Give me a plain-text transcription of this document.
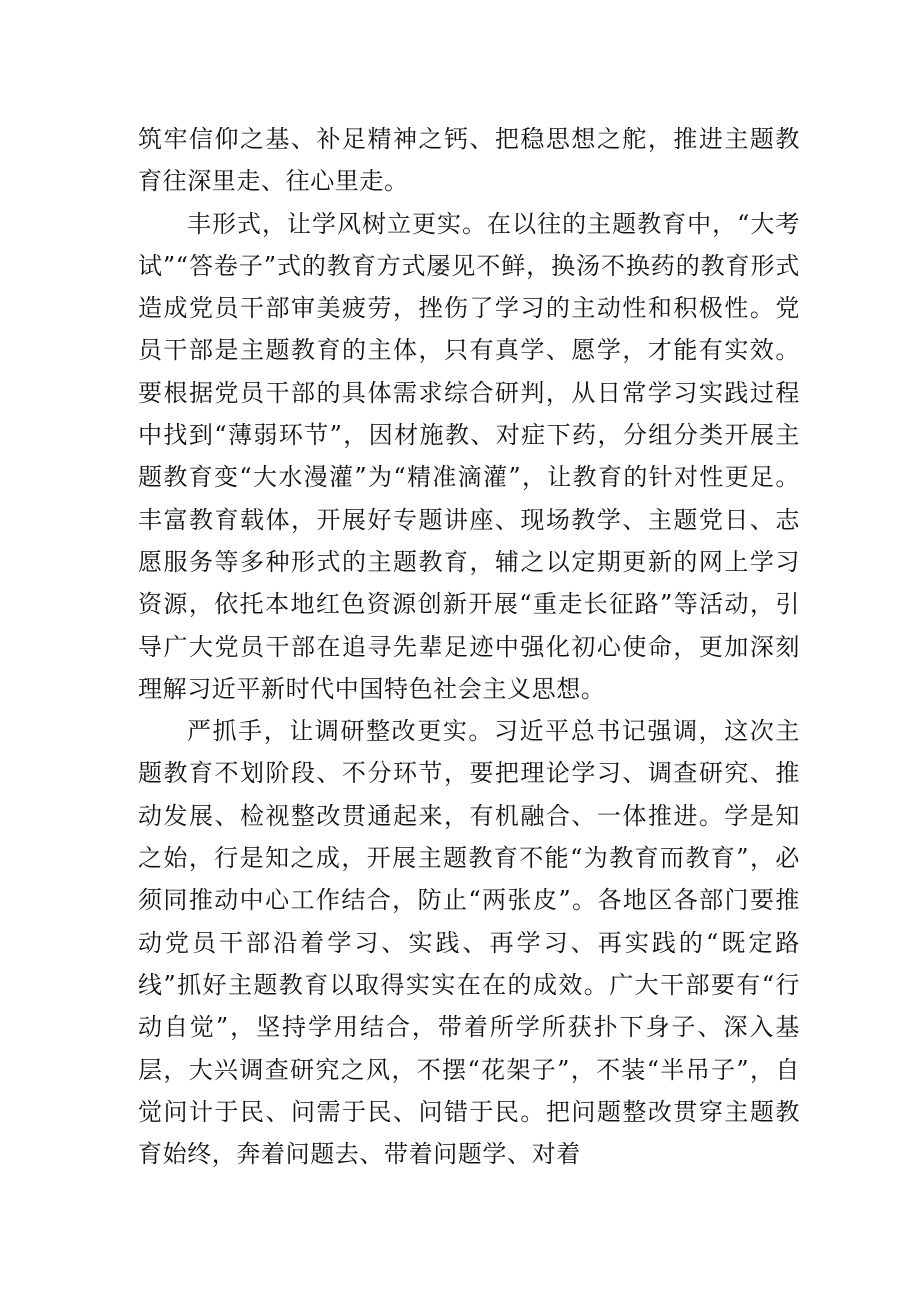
筑牢信仰之基、补足精神之钙、把稳思想之舵，推进主题教育往深里走、往心里走。

丰形式，让学风树立更实。在以往的主题教育中，“大考试”“答卷子”式的教育方式屡见不鲜，换汤不换药的教育形式造成党员干部审美疲劳，挫伤了学习的主动性和积极性。党员干部是主题教育的主体，只有真学、愿学，才能有实效。要根据党员干部的具体需求综合研判，从日常学习实践过程中找到“薄弱环节”，因材施教、对症下药，分组分类开展主题教育变“大水漫灌”为“精准滴灌”，让教育的针对性更足。丰富教育载体，开展好专题讲座、现场教学、主题党日、志愿服务等多种形式的主题教育，辅之以定期更新的网上学习资源，依托本地红色资源创新开展“重走长征路”等活动，引导广大党员干部在追寻先辈足迹中强化初心使命，更加深刻理解习近平新时代中国特色社会主义思想。

严抓手，让调研整改更实。习近平总书记强调，这次主题教育不划阶段、不分环节，要把理论学习、调查研究、推动发展、检视整改贯通起来，有机融合、一体推进。学是知之始，行是知之成，开展主题教育不能“为教育而教育”，必须同推动中心工作结合，防止“两张皮”。各地区各部门要推动党员干部沿着学习、实践、再学习、再实践的“既定路线”抓好主题教育以取得实实在在的成效。广大干部要有“行动自觉”，坚持学用结合，带着所学所获扑下身子、深入基层，大兴调查研究之风，不摆“花架子”，不装“半吊子”，自觉问计于民、问需于民、问错于民。把问题整改贯穿主题教育始终，奔着问题去、带着问题学、对着
